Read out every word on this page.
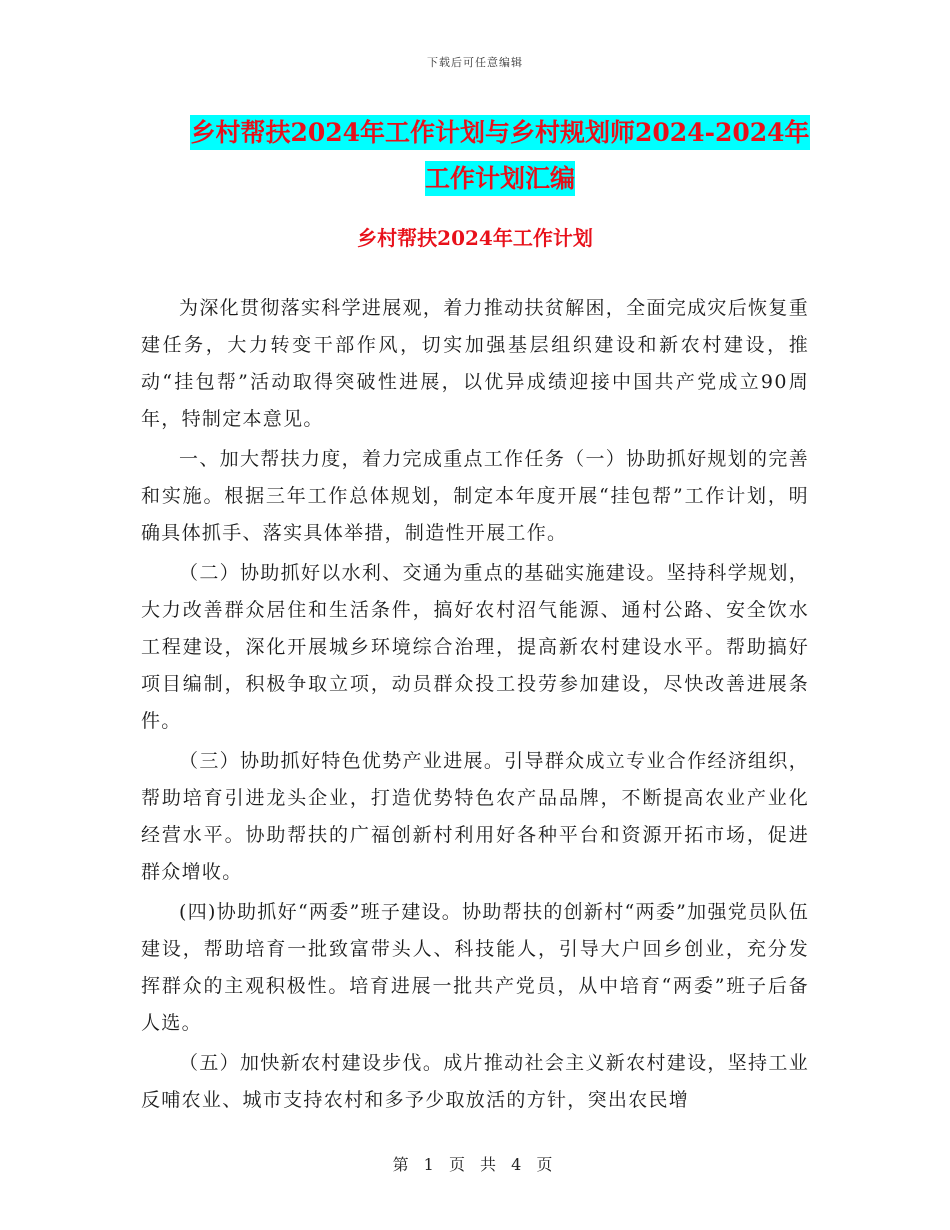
下载后可任意编辑
乡村帮扶2024年工作计划与乡村规划师2024-2024年
工作计划汇编
乡村帮扶2024年工作计划

为深化贯彻落实科学进展观，着力推动扶贫解困，全面完成灾后恢复重建任务，大力转变干部作风，切实加强基层组织建设和新农村建设，推动“挂包帮”活动取得突破性进展，以优异成绩迎接中国共产党成立90周年，特制定本意见。

一、加大帮扶力度，着力完成重点工作任务（一）协助抓好规划的完善和实施。根据三年工作总体规划，制定本年度开展“挂包帮”工作计划，明确具体抓手、落实具体举措，制造性开展工作。

（二）协助抓好以水利、交通为重点的基础实施建设。坚持科学规划，大力改善群众居住和生活条件，搞好农村沼气能源、通村公路、安全饮水工程建设，深化开展城乡环境综合治理，提高新农村建设水平。帮助搞好项目编制，积极争取立项，动员群众投工投劳参加建设，尽快改善进展条件。

（三）协助抓好特色优势产业进展。引导群众成立专业合作经济组织，帮助培育引进龙头企业，打造优势特色农产品品牌，不断提高农业产业化经营水平。协助帮扶的广福创新村利用好各种平台和资源开拓市场，促进群众增收。

(四)协助抓好“两委”班子建设。协助帮扶的创新村“两委”加强党员队伍建设，帮助培育一批致富带头人、科技能人，引导大户回乡创业，充分发挥群众的主观积极性。培育进展一批共产党员，从中培育“两委”班子后备人选。

（五）加快新农村建设步伐。成片推动社会主义新农村建设，坚持工业反哺农业、城市支持农村和多予少取放活的方针，突出农民增

第 1 页 共 4 页
